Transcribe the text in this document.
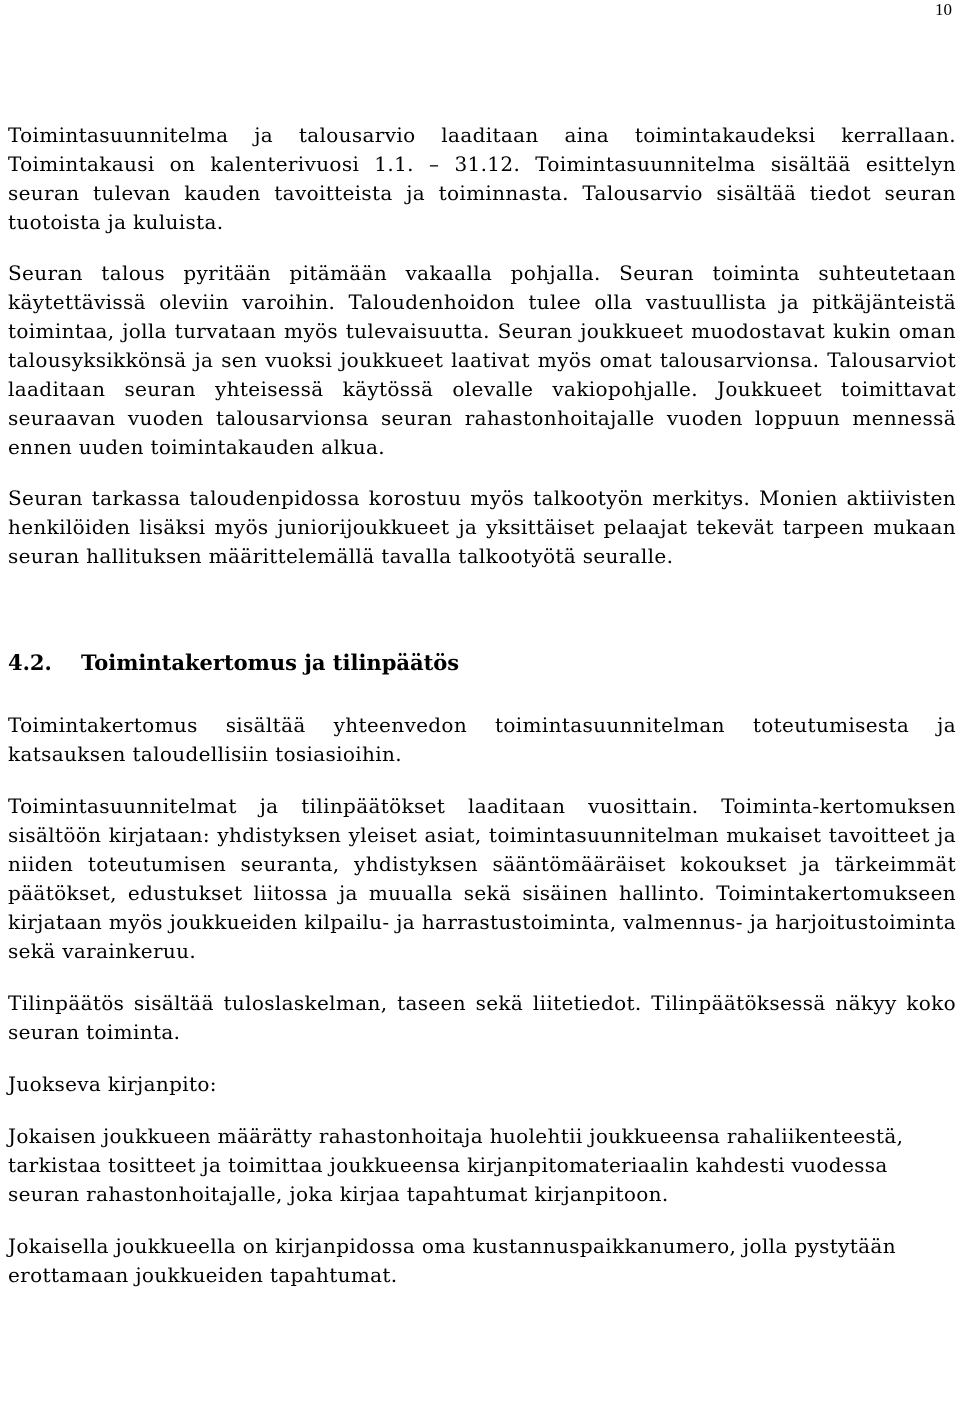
10

Toimintasuunnitelma ja talousarvio laaditaan aina toimintakaudeksi kerrallaan. Toimintakausi on kalenterivuosi 1.1. – 31.12. Toimintasuunnitelma sisältää esittelyn seuran tulevan kauden tavoitteista ja toiminnasta. Talousarvio sisältää tiedot seuran tuotoista ja kuluista.

Seuran talous pyritään pitämään vakaalla pohjalla. Seuran toiminta suhteutetaan käytettävissä oleviin varoihin. Taloudenhoidon tulee olla vastuullista ja pitkäjänteistä toimintaa, jolla turvataan myös tulevaisuutta. Seuran joukkueet muodostavat kukin oman talousyksikkönsä ja sen vuoksi joukkueet laativat myös omat talousarvionsa. Talousarviot laaditaan seuran yhteisessä käytössä olevalle vakiopohjalle. Joukkueet toimittavat seuraavan vuoden talousarvionsa seuran rahastonhoitajalle vuoden loppuun mennessä ennen uuden toimintakauden alkua.

Seuran tarkassa taloudenpidossa korostuu myös talkootyön merkitys. Monien aktiivisten henkilöiden lisäksi myös juniorijoukkueet ja yksittäiset pelaajat tekevät tarpeen mukaan seuran hallituksen määrittelemällä tavalla talkootyötä seuralle.

4.2.	Toimintakertomus ja tilinpäätös

Toimintakertomus sisältää yhteenvedon toimintasuunnitelman toteutumisesta ja katsauksen taloudellisiin tosiasioihin.

Toimintasuunnitelmat ja tilinpäätökset laaditaan vuosittain. Toiminta-kertomuksen sisältöön kirjataan: yhdistyksen yleiset asiat, toimintasuunnitelman mukaiset tavoitteet ja niiden toteutumisen seuranta, yhdistyksen sääntömääräiset kokoukset ja tärkeimmät päätökset, edustukset liitossa ja muualla sekä sisäinen hallinto. Toimintakertomukseen kirjataan myös joukkueiden kilpailu- ja harrastustoiminta, valmennus- ja harjoitustoiminta sekä varainkeruu.

Tilinpäätös sisältää tuloslaskelman, taseen sekä liitetiedot. Tilinpäätöksessä näkyy koko seuran toiminta.

Juokseva kirjanpito:

Jokaisen joukkueen määrätty rahastonhoitaja huolehtii joukkueensa rahaliikenteestä, tarkistaa tositteet ja toimittaa joukkueensa kirjanpitomateriaalin kahdesti vuodessa seuran rahastonhoitajalle, joka kirjaa tapahtumat kirjanpitoon.

Jokaisella joukkueella on kirjanpidossa oma kustannuspaikkanumero, jolla pystytään erottamaan joukkueiden tapahtumat.
